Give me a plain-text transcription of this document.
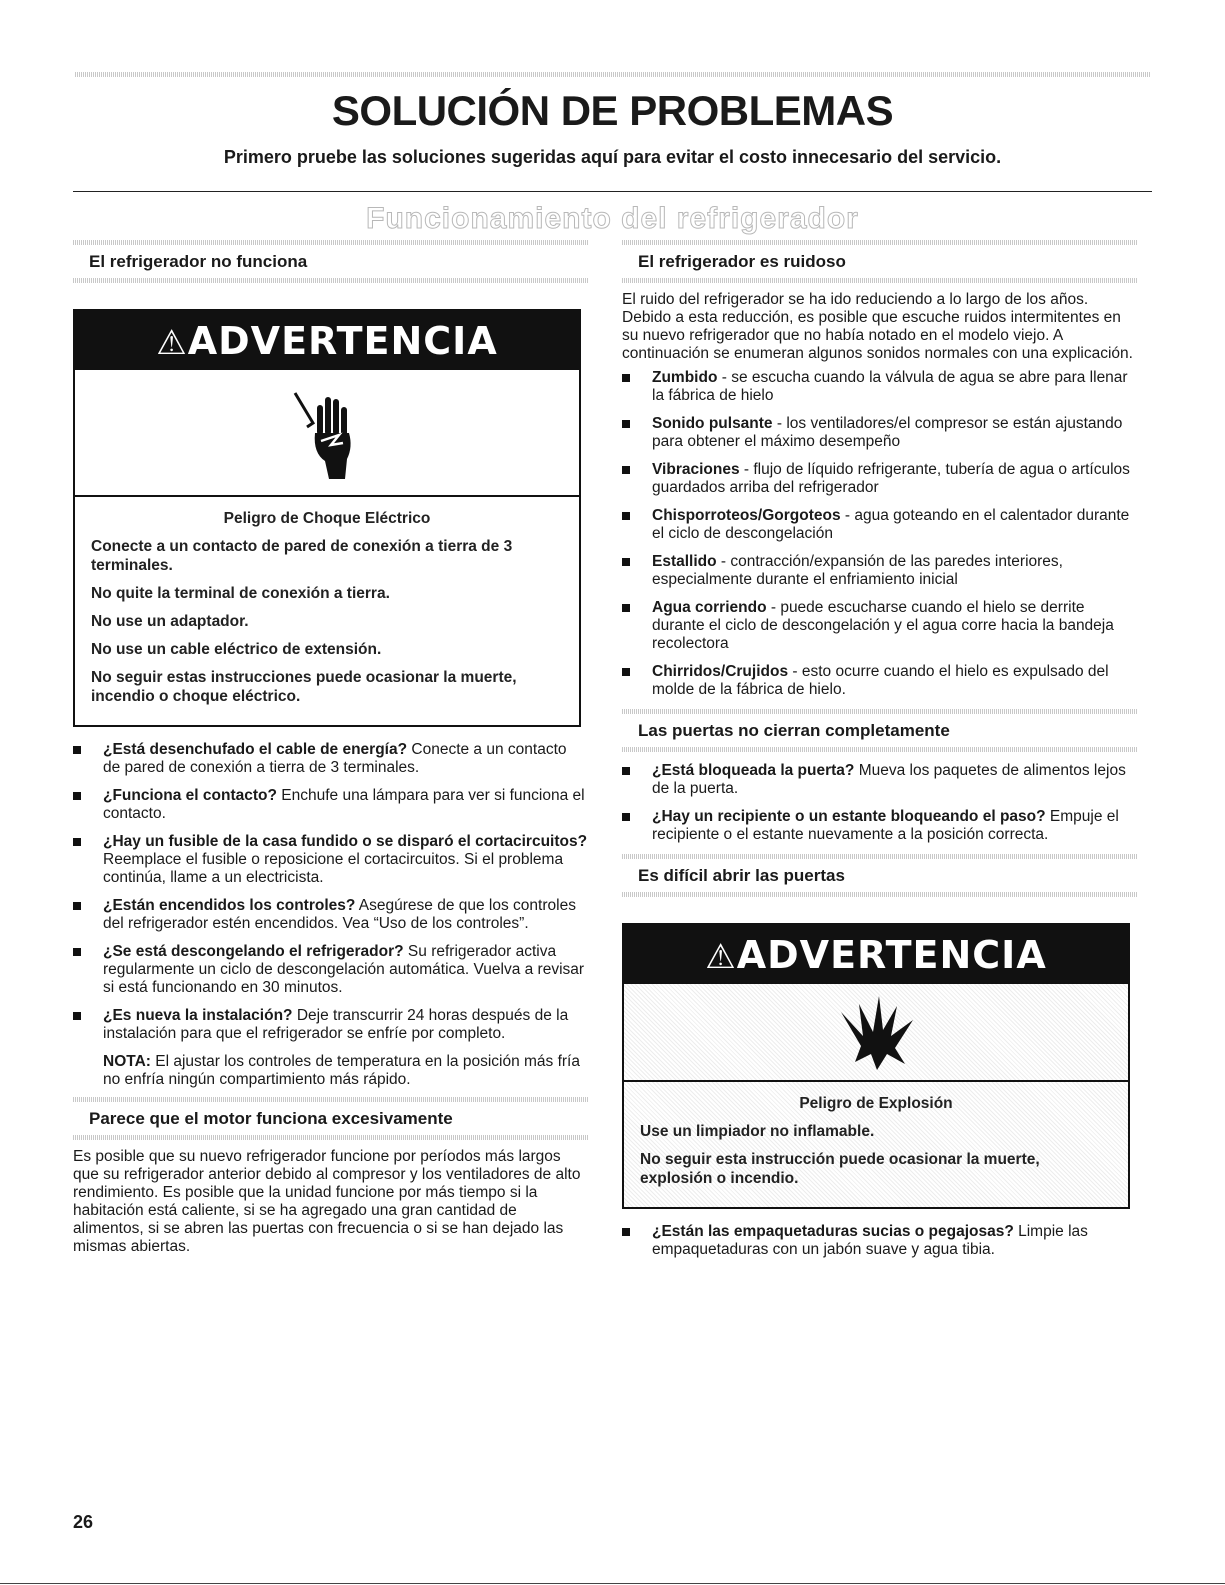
SOLUCIÓN DE PROBLEMAS

Primero pruebe las soluciones sugeridas aquí para evitar el costo innecesario del servicio.

Funcionamiento del refrigerador
El refrigerador no funciona
⚠ADVERTENCIA

Peligro de Choque Eléctrico

Conecte a un contacto de pared de conexión a tierra de 3 terminales.

No quite la terminal de conexión a tierra.

No use un adaptador.

No use un cable eléctrico de extensión.

No seguir estas instrucciones puede ocasionar la muerte, incendio o choque eléctrico.

¿Está desenchufado el cable de energía? Conecte a un contacto de pared de conexión a tierra de 3 terminales.
¿Funciona el contacto? Enchufe una lámpara para ver si funciona el contacto.
¿Hay un fusible de la casa fundido o se disparó el cortacircuitos? Reemplace el fusible o reposicione el cortacircuitos. Si el problema continúa, llame a un electricista.
¿Están encendidos los controles? Asegúrese de que los controles del refrigerador estén encendidos. Vea “Uso de los controles”.
¿Se está descongelando el refrigerador? Su refrigerador activa regularmente un ciclo de descongelación automática. Vuelva a revisar si está funcionando en 30 minutos.
¿Es nueva la instalación? Deje transcurrir 24 horas después de la instalación para que el refrigerador se enfríe por completo.

NOTA: El ajustar los controles de temperatura en la posición más fría no enfría ningún compartimiento más rápido.

Parece que el motor funciona excesivamente

Es posible que su nuevo refrigerador funcione por períodos más largos que su refrigerador anterior debido al compresor y los ventiladores de alto rendimiento. Es posible que la unidad funcione por más tiempo si la habitación está caliente, si se ha agregado una gran cantidad de alimentos, si se abren las puertas con frecuencia o si se han dejado las mismas abiertas.

El refrigerador es ruidoso

El ruido del refrigerador se ha ido reduciendo a lo largo de los años. Debido a esta reducción, es posible que escuche ruidos intermitentes en su nuevo refrigerador que no había notado en el modelo viejo. A continuación se enumeran algunos sonidos normales con una explicación.

Zumbido - se escucha cuando la válvula de agua se abre para llenar la fábrica de hielo
Sonido pulsante - los ventiladores/el compresor se están ajustando para obtener el máximo desempeño
Vibraciones - flujo de líquido refrigerante, tubería de agua o artículos guardados arriba del refrigerador
Chisporroteos/Gorgoteos - agua goteando en el calentador durante el ciclo de descongelación
Estallido - contracción/expansión de las paredes interiores, especialmente durante el enfriamiento inicial
Agua corriendo - puede escucharse cuando el hielo se derrite durante el ciclo de descongelación y el agua corre hacia la bandeja recolectora
Chirridos/Crujidos - esto ocurre cuando el hielo es expulsado del molde de la fábrica de hielo.
Las puertas no cierran completamente
¿Está bloqueada la puerta? Mueva los paquetes de alimentos lejos de la puerta.
¿Hay un recipiente o un estante bloqueando el paso? Empuje el recipiente o el estante nuevamente a la posición correcta.
Es difícil abrir las puertas
⚠ADVERTENCIA

Peligro de Explosión

Use un limpiador no inflamable.

No seguir esta instrucción puede ocasionar la muerte, explosión o incendio.

¿Están las empaquetaduras sucias o pegajosas? Limpie las empaquetaduras con un jabón suave y agua tibia.
26
